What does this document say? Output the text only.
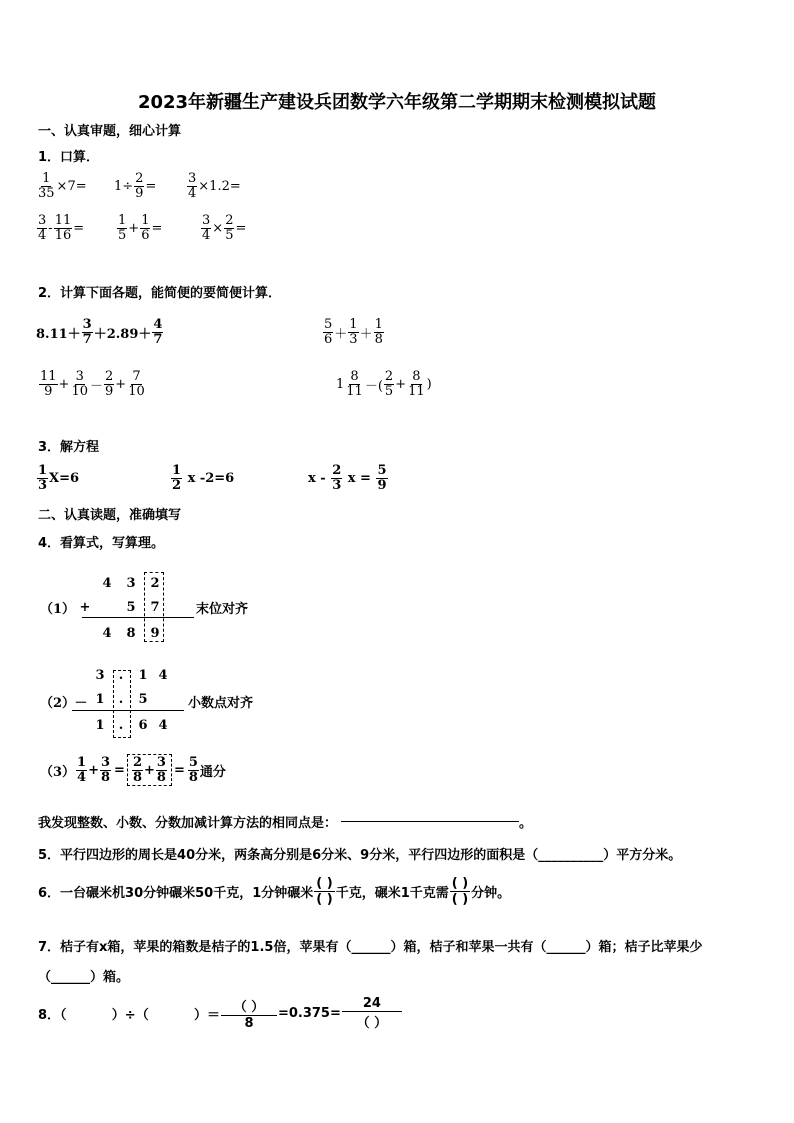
2023年新疆生产建设兵团数学六年级第二学期期末检测模拟试题
一、认真审题，细心计算
1．口算．
$\frac{1}{35} \times 7= 1\div \frac{2}{9} = \frac{3}{4} \times 1.2=$
$\frac{3}{4} - \frac{11}{16}$ =	$\frac{1}{5} + \frac{1}{6}$ =	$\frac{3}{4} \times \frac{2}{5}$ =
2．计算下面各题，能简便的要简便计算．
$8.11+ \frac{3}{7} +2.89+ \frac{4}{7}$	$\frac{5}{6} + \frac{1}{3} + \frac{1}{8}$
$\frac{11}{9} + \frac{3}{10} - \frac{2}{9} + \frac{7}{10}$	$1 \frac{8}{11}$ －( $\frac{2}{5} + \frac{8}{11}$ )
3．解方程
$\frac{1}{3} X=6$	$\frac{1}{2}$ x -2=6	x - $\frac{2}{3}$ $x = \frac{5}{9}$
二、认真读题，准确填写
4．看算式，写算理。
（1）
4 3 2
+	5 7
4 8 9
末位对齐
（2）
3	.	1 4
－ 1	.	5
1	.	6 4
小数点对齐
$(3) \frac{1}{4} + \frac{3}{8} = \frac{2}{8} + \frac{3}{8} = \frac{5}{8}$ 通分
我发现整数、小数、分数加减计算方法的相同点是：	。
5．平行四边形的周长是40分米，两条高分别是6分米、9分米，平行四边形的面积是（__________）平方分米。
6．一台碾米机30分钟碾米50千克，1分钟碾米 $\frac{( )}{( )}$ 千克，碾米1千克需 $\frac{( )}{( )}$ 分钟。
7．桔子有x箱，苹果的箱数是桔子的1.5倍，苹果有（______）箱，桔子和苹果一共有（______）箱；桔子比苹果少
（______）箱。
8．（          ）÷（          ）＝ $\frac{( )}{8} =0.375= \frac{24}{( )}$
